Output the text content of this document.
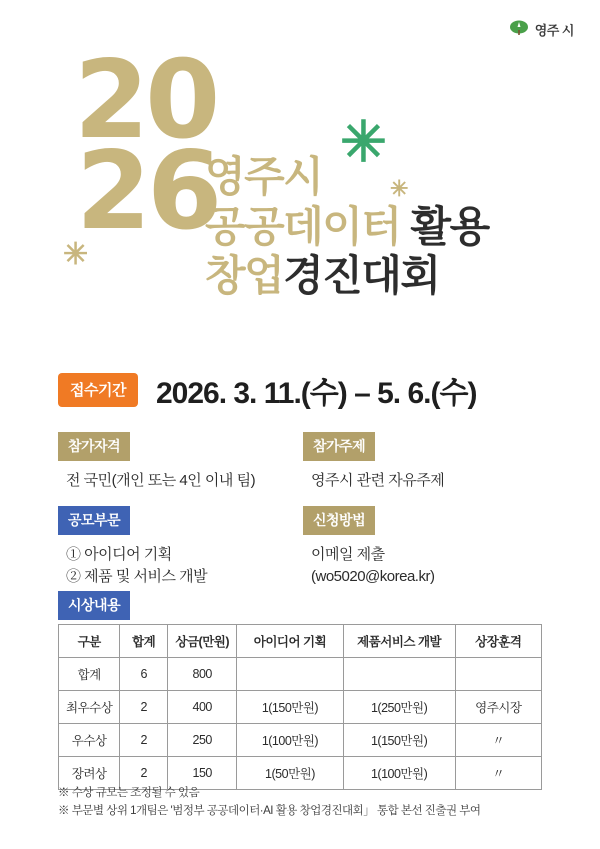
영주 시
20
26 ✳
✳
✳
영주시
공공데이터 활용
창업경진대회
접수기간	2026. 3. 11.(수) – 5. 6.(수)
참가자격
전 국민(개인 또는 4인 이내 팀)
참가주제
영주시 관련 자유주제
공모부문
① 아이디어 기획
② 제품 및 서비스 개발
신청방법
이메일 제출
(wo5020@korea.kr)
시상내용
구분	합계	상금(만원)	아이디어 기획	제품서비스 개발	상장훈격
합계	6	800			
최우수상	2	400	1(150만원)	1(250만원)	영주시장
우수상	2	250	1(100만원)	1(150만원)	〃
장려상	2	150	1(50만원)	1(100만원)	〃
※ 수상 규모는 조정될 수 있음
※ 부문별 상위 1개팀은 '범정부 공공데이터·AI 활용 창업경진대회」 통합 본선 진출권 부여
